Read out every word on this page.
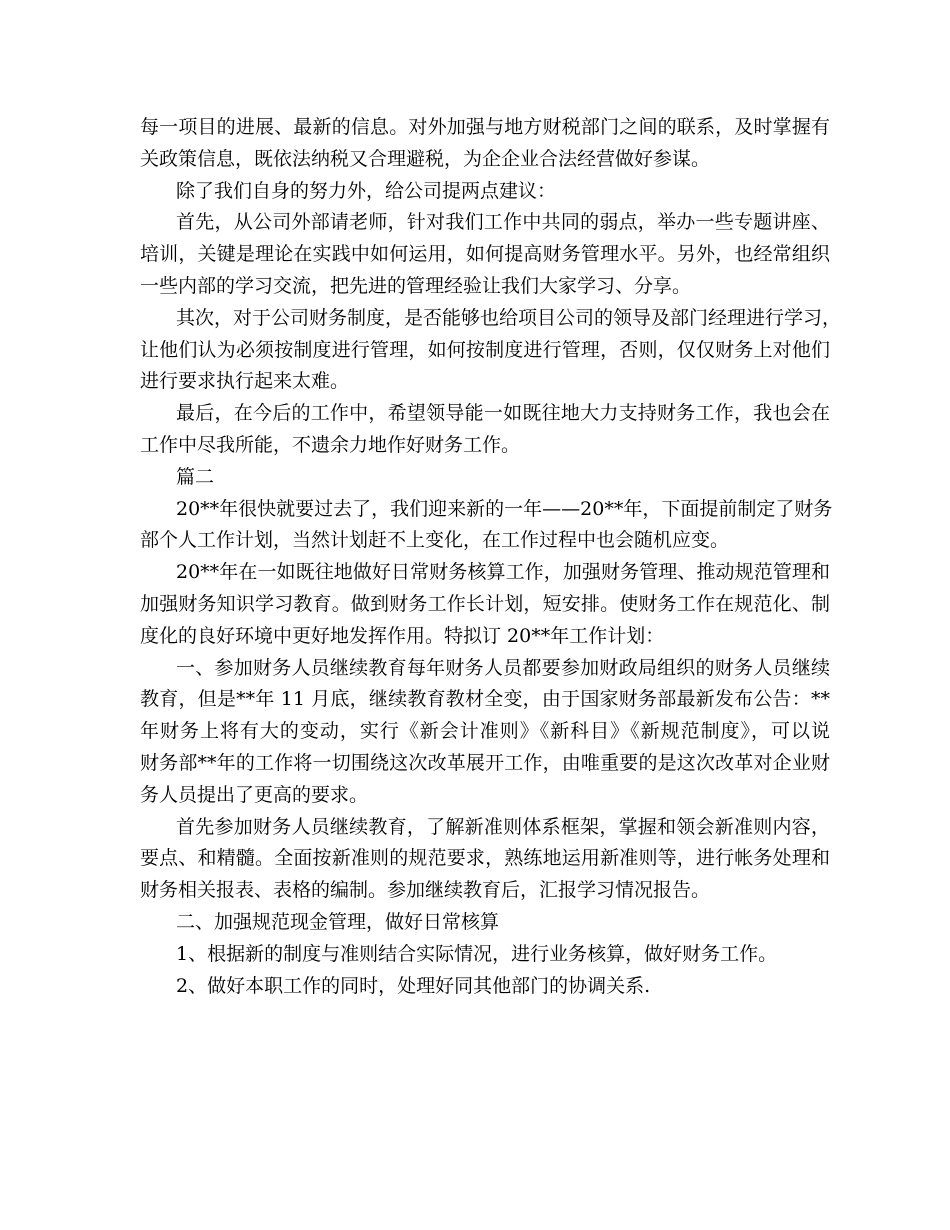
每一项目的进展、最新的信息。对外加强与地方财税部门之间的联系，及时掌握有
关政策信息，既依法纳税又合理避税，为企企业合法经营做好参谋。
除了我们自身的努力外，给公司提两点建议：
首先，从公司外部请老师，针对我们工作中共同的弱点，举办一些专题讲座、
培训，关键是理论在实践中如何运用，如何提高财务管理水平。另外，也经常组织
一些内部的学习交流，把先进的管理经验让我们大家学习、分享。
其次，对于公司财务制度，是否能够也给项目公司的领导及部门经理进行学习，
让他们认为必须按制度进行管理，如何按制度进行管理，否则，仅仅财务上对他们
进行要求执行起来太难。
最后，在今后的工作中，希望领导能一如既往地大力支持财务工作，我也会在
工作中尽我所能，不遗余力地作好财务工作。
篇二
20**年很快就要过去了，我们迎来新的一年——20**年，下面提前制定了财务
部个人工作计划，当然计划赶不上变化，在工作过程中也会随机应变。
20**年在一如既往地做好日常财务核算工作，加强财务管理、推动规范管理和
加强财务知识学习教育。做到财务工作长计划，短安排。使财务工作在规范化、制
度化的良好环境中更好地发挥作用。特拟订 20**年工作计划：
一、参加财务人员继续教育每年财务人员都要参加财政局组织的财务人员继续
教育，但是**年 11 月底，继续教育教材全变，由于国家财务部最新发布公告：**
年财务上将有大的变动，实行《新会计准则》《新科目》《新规范制度》，可以说
财务部**年的工作将一切围绕这次改革展开工作，由唯重要的是这次改革对企业财
务人员提出了更高的要求。
首先参加财务人员继续教育，了解新准则体系框架，掌握和领会新准则内容，
要点、和精髓。全面按新准则的规范要求，熟练地运用新准则等，进行帐务处理和
财务相关报表、表格的编制。参加继续教育后，汇报学习情况报告。
二、加强规范现金管理，做好日常核算
1、根据新的制度与准则结合实际情况，进行业务核算，做好财务工作。
2、做好本职工作的同时，处理好同其他部门的协调关系.
